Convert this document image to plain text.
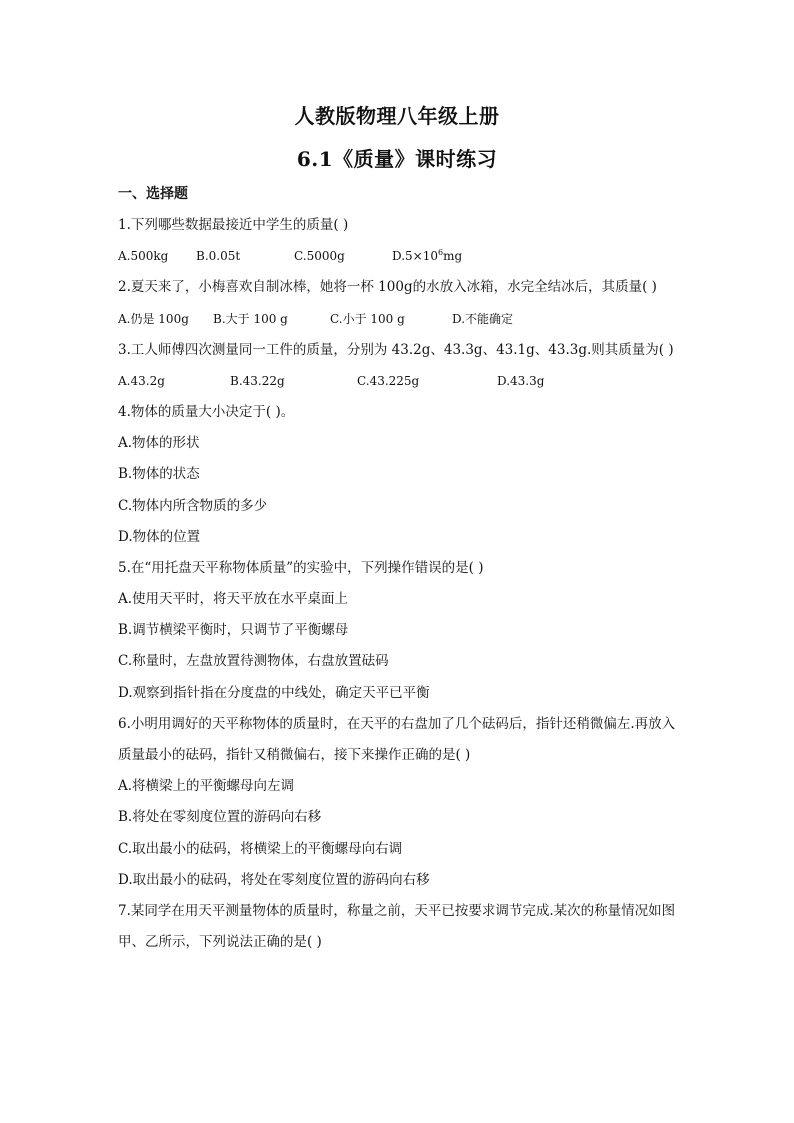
人教版物理八年级上册
6.1《质量》课时练习
一、选择题
1.下列哪些数据最接近中学生的质量( )
A.500kg B.0.05t	C.5000g	$D.5\times 10^6mg$
2.夏天来了，小梅喜欢自制冰棒，她将一杯 100g的水放入冰箱，水完全结冰后，其质量( )
A.仍是 100g B.大于 100 g	C.小于 100 g	D.不能确定
3.工人师傅四次测量同一工件的质量，分别为 43.2g、43.3g、43.1g、43.3g.则其质量为( )
A.43.2g	B.43.22g	C.43.225g	D.43.3g
4.物体的质量大小决定于( )。
A.物体的形状
B.物体的状态
C.物体内所含物质的多少
D.物体的位置
5.在“用托盘天平称物体质量”的实验中，下列操作错误的是( )
A.使用天平时，将天平放在水平桌面上
B.调节横梁平衡时，只调节了平衡螺母
C.称量时，左盘放置待测物体，右盘放置砝码
D.观察到指针指在分度盘的中线处，确定天平已平衡
6.小明用调好的天平称物体的质量时，在天平的右盘加了几个砝码后，指针还稍微偏左.再放入
质量最小的砝码，指针又稍微偏右，接下来操作正确的是( )
A.将横梁上的平衡螺母向左调
B.将处在零刻度位置的游码向右移
C.取出最小的砝码，将横梁上的平衡螺母向右调
D.取出最小的砝码，将处在零刻度位置的游码向右移
7.某同学在用天平测量物体的质量时，称量之前，天平已按要求调节完成.某次的称量情况如图
甲、乙所示，下列说法正确的是( )
